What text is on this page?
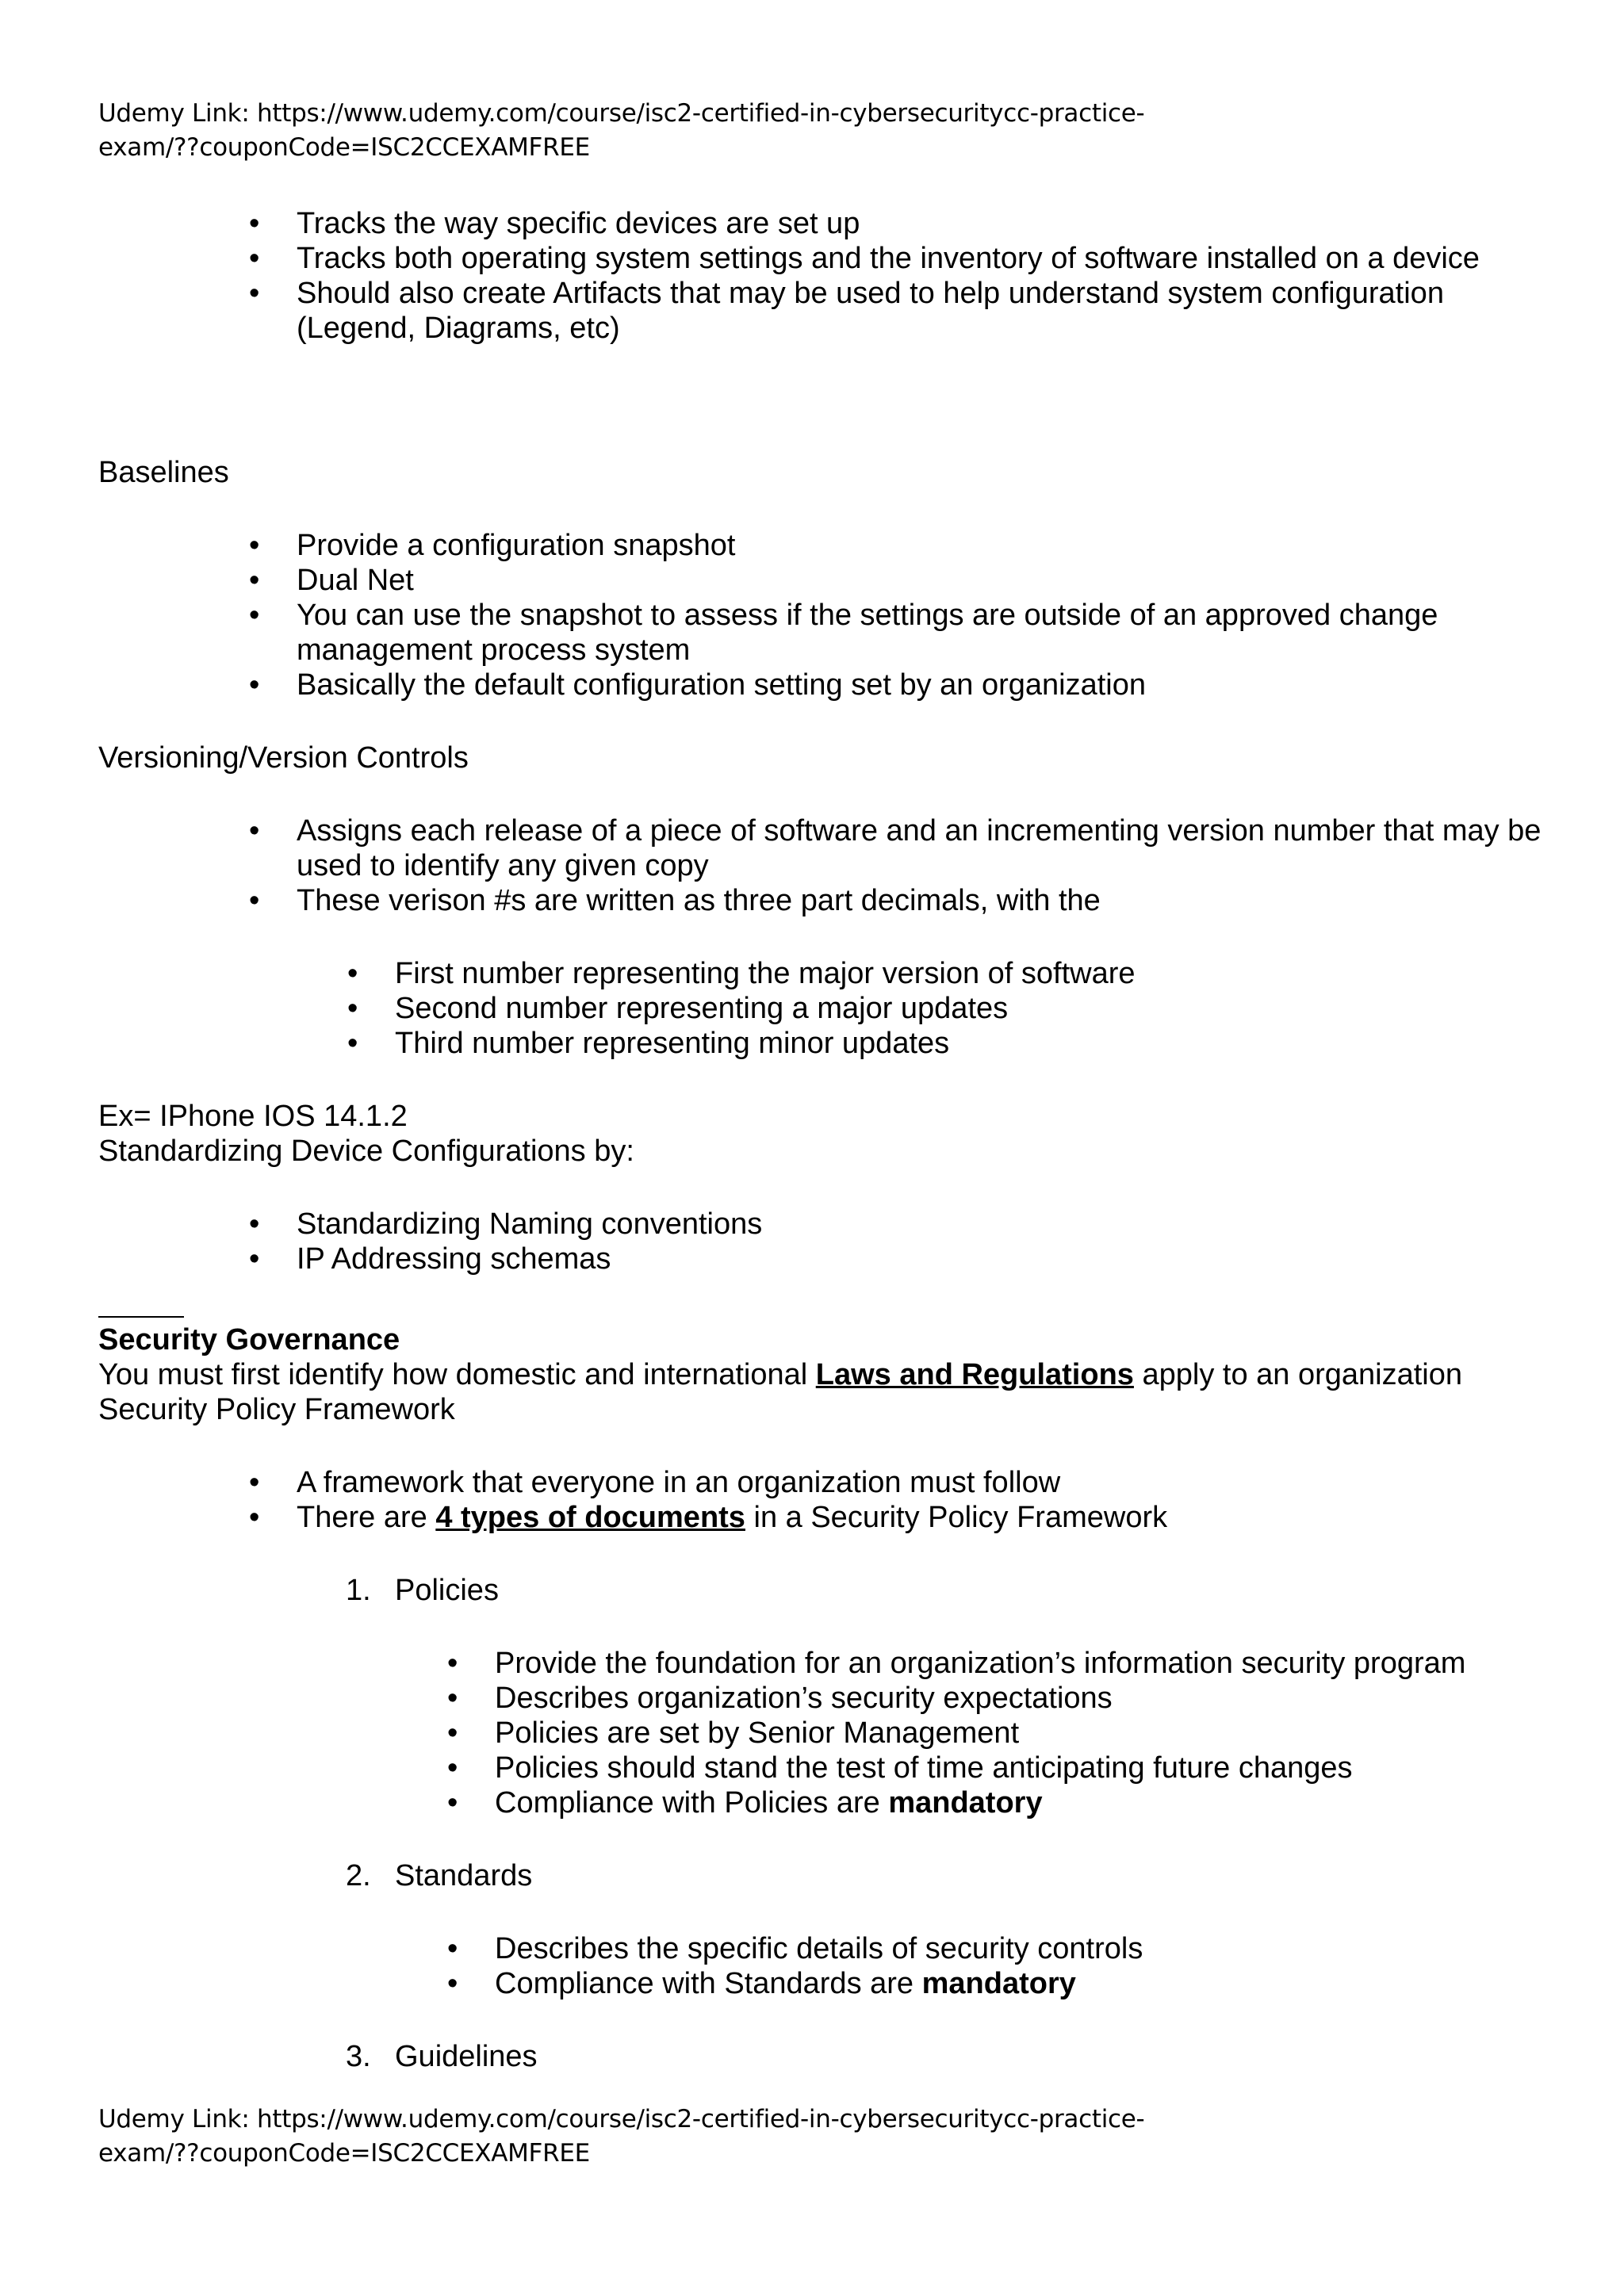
Udemy Link: https://www.udemy.com/course/isc2-certified-in-cybersecuritycc-practice-
exam/??couponCode=ISC2CCEXAMFREE
• Tracks the way specific devices are set up
• Tracks both operating system settings and the inventory of software installed on a device
• Should also create Artifacts that may be used to help understand system configuration (Legend, Diagrams, etc)
Baselines
• Provide a configuration snapshot
• Dual Net
• You can use the snapshot to assess if the settings are outside of an approved change management process system
• Basically the default configuration setting set by an organization
Versioning/Version Controls
• Assigns each release of a piece of software and an incrementing version number that may be used to identify any given copy
• These verison #s are written as three part decimals, with the
• First number representing the major version of software
• Second number representing a major updates
• Third number representing minor updates
Ex= IPhone IOS 14.1.2
Standardizing Device Configurations by:
• Standardizing Naming conventions
• IP Addressing schemas
Security Governance
You must first identify how domestic and international Laws and Regulations apply to an organization
Security Policy Framework
• A framework that everyone in an organization must follow
• There are 4 types of documents in a Security Policy Framework
1. Policies
• Provide the foundation for an organization’s information security program
• Describes organization’s security expectations
• Policies are set by Senior Management
• Policies should stand the test of time anticipating future changes
• Compliance with Policies are mandatory
2. Standards
• Describes the specific details of security controls
• Compliance with Standards are mandatory
3. Guidelines
Udemy Link: https://www.udemy.com/course/isc2-certified-in-cybersecuritycc-practice-
exam/??couponCode=ISC2CCEXAMFREE
